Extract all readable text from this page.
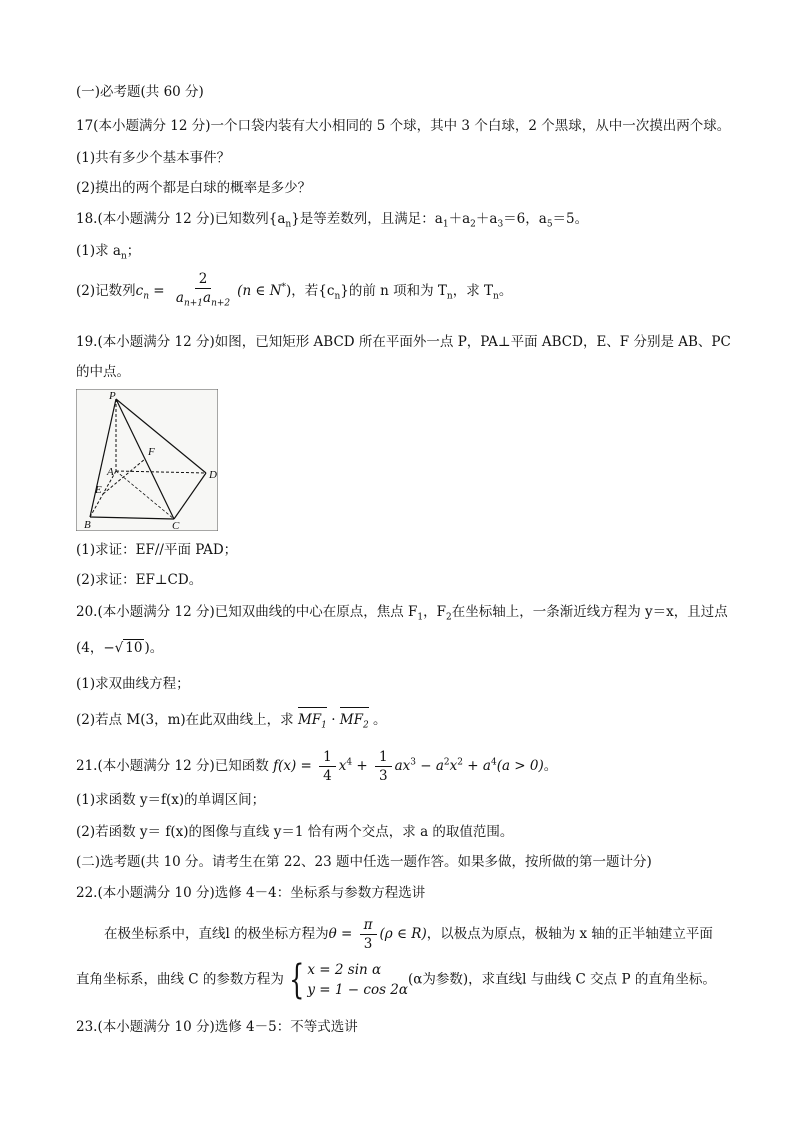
(一)必考题(共 60 分)
17(本小题满分 12 分)一个口袋内装有大小相同的 5 个球，其中 3 个白球，2 个黑球，从中一次摸出两个球。
(1)共有多少个基本事件？
(2)摸出的两个都是白球的概率是多少？
18.(本小题满分 12 分)已知数列$\{a_n\}$是等差数列，且满足：$a_1+a_2+a_3=6$，$a_5=5$。
(1)求 $a_n$；
(2)记数列$c_n = \frac{2}{a_{n+1}a_{n+2}} (n$ ∈ N*)，若$\{c_n\}$的前 n 项和为 $T_n$，求 $T_n$。
19.(本小题满分 12 分)如图，已知矩形 ABCD 所在平面外一点 P，PA⊥平面 ABCD，E、F 分别是 AB、PC
的中点。
P
A
E
F
D
B	C
(1)求证：EF//平面 PAD；
(2)求证：EF⊥CD。
20.(本小题满分 12 分)已知双曲线的中心在原点，焦点 $F_1$，$F_2$在坐标轴上，一条渐近线方程为 y＝x，且过点
(4，−√ 10 )。
(1)求双曲线方程；
(2)若点 M(3，m)在此双曲线上，求 $MF_1 \cdot MF_2$ 。
21.(本小题满分 12 分)已知函数 $f(x) = \frac{1}{4} x^4 + \frac{1}{3} ax^3 - a^2x^2 + a^4(a > 0)$。
(1)求函数 y＝f(x)的单调区间；
(2)若函数 y＝ f(x)的图像与直线 y＝1 恰有两个交点，求 a 的取值范围。
(二)选考题(共 10 分。请考生在第 22、23 题中任选一题作答。如果多做，按所做的第一题计分)
22.(本小题满分 10 分)选修 4－4：坐标系与参数方程选讲
在极坐标系中，直线l 的极坐标方程为$\theta = \frac{\pi}{3} (\rho$ ∈ R)，以极点为原点，极轴为 x 轴的正半轴建立平面
直角坐标系，曲线 C 的参数方程为 { x = 2 sin α
y = 1 − cos 2α
(α为参数)，求直线l 与曲线 C 交点 P 的直角坐标。
23.(本小题满分 10 分)选修 4－5：不等式选讲
